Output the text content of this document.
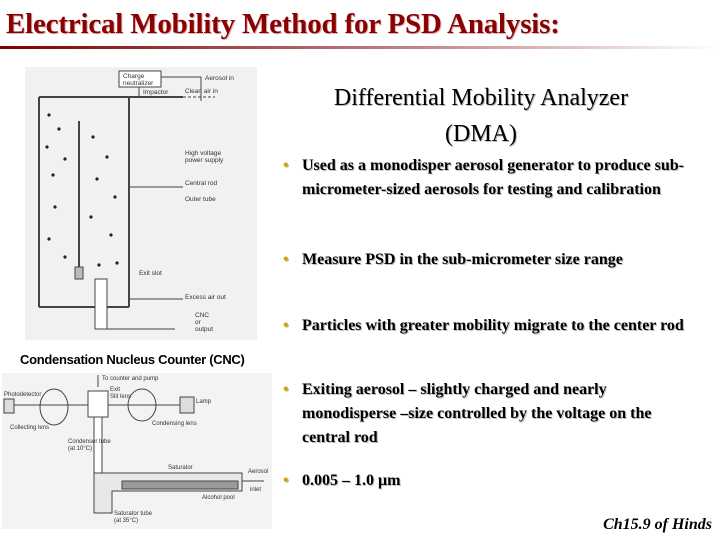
Electrical Mobility Method for PSD Analysis:
Differential Mobility Analyzer
(DMA)
• Used as a monodisper aerosol generator to produce sub-micrometer-sized aerosols for testing and calibration
• Measure PSD in the sub-micrometer size range
• Particles with greater mobility migrate to the center rod
• Exiting aerosol – slightly charged and nearly monodisperse –size controlled by the voltage on the central rod
• 0.005 – 1.0 μm
Charge
neutralizer
Aerosol in
Impactor	Clean air in
High voltage
power supply
Central rod
Outer tube
Exit slot
Excess air out
CNC
or
output
Condensation Nucleus Counter (CNC)
To counter and pump
Exit
Slit lens
Lamp
Photodetector
Collecting lens
Condensing lens
Condenser tube
(at 10°C)
Saturator
Alcohol pool
Aerosol
inlet
Saturator tube
(at 35°C)	Ch15.9 of Hinds
